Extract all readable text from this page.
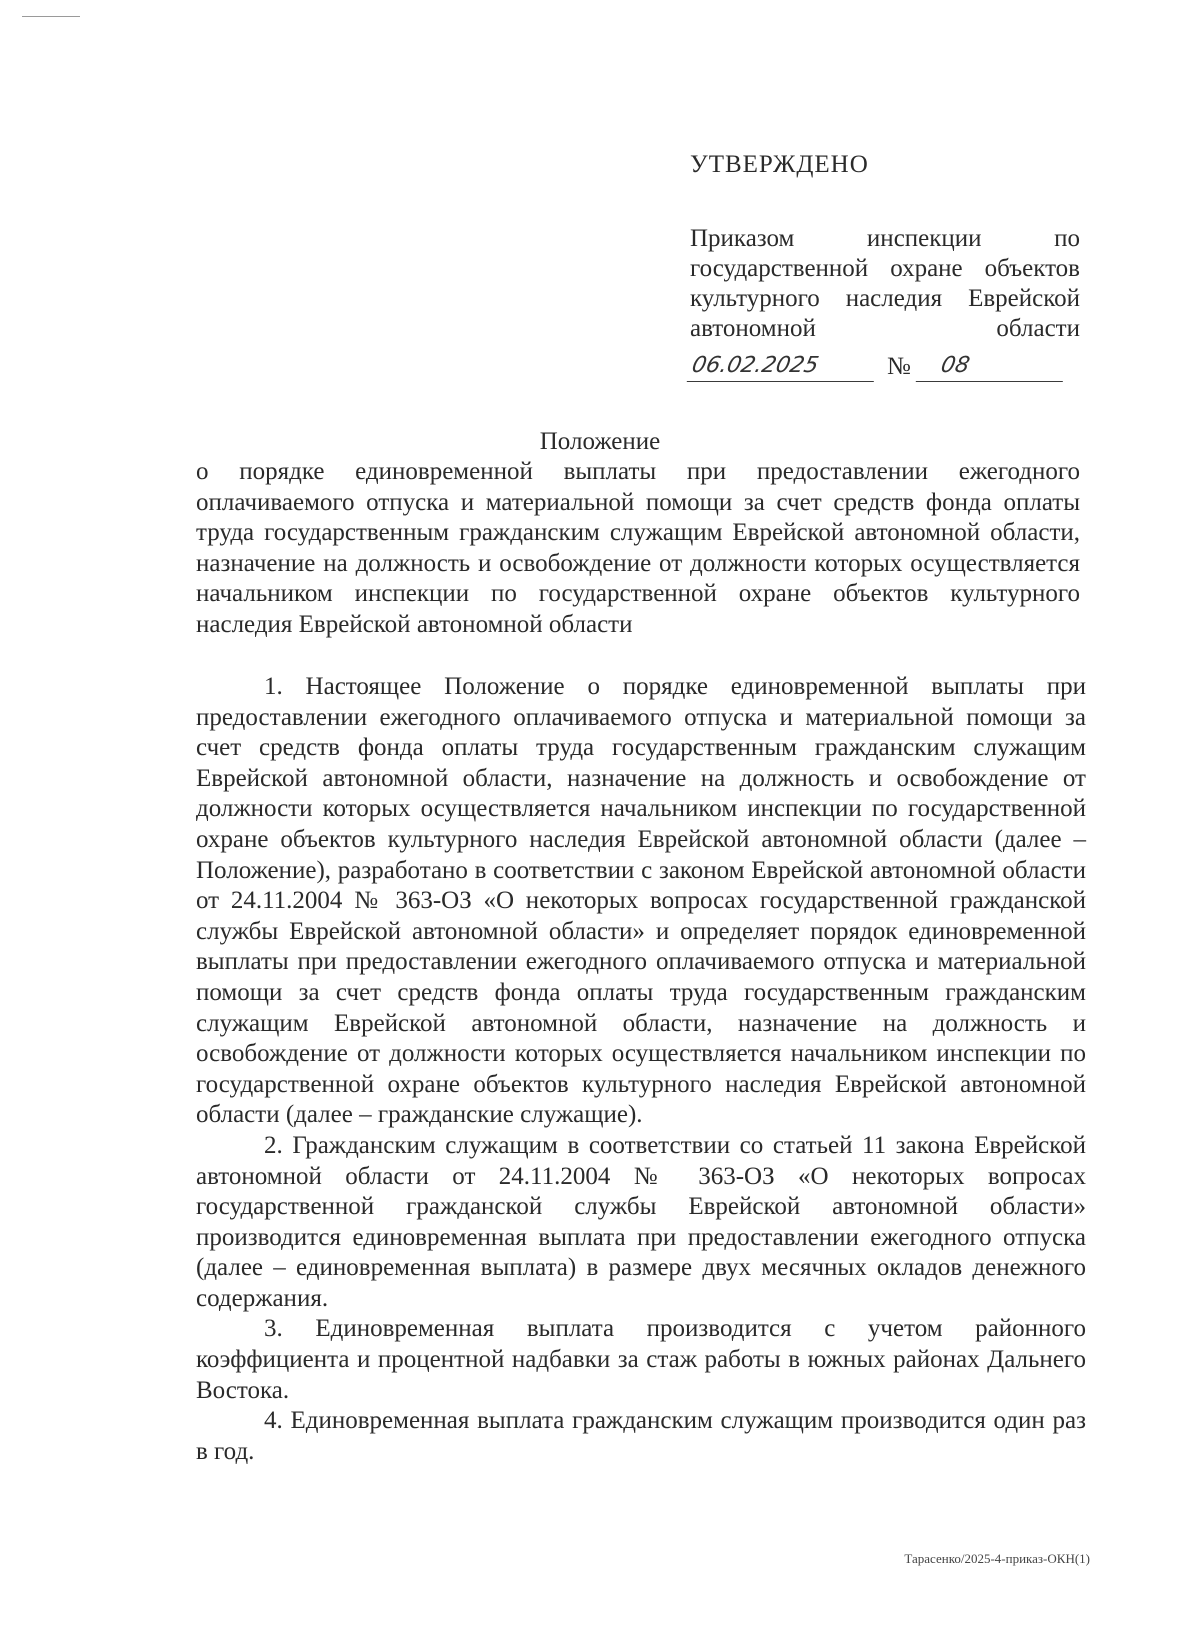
УТВЕРЖДЕНО
Приказом инспекции по
государственной охране объектов
культурного наследия Еврейской
автономной области
06.02.2025	№	08
Положение
о порядке единовременной выплаты при предоставлении ежегодного оплачиваемого отпуска и материальной помощи за счет средств фонда оплаты труда государственным гражданским служащим Еврейской автономной области, назначение на должность и освобождение от должности которых осуществляется начальником инспекции по государственной охране объектов культурного наследия Еврейской автономной области

1. Настоящее Положение о порядке единовременной выплаты при предоставлении ежегодного оплачиваемого отпуска и материальной помощи за счет средств фонда оплаты труда государственным гражданским служащим Еврейской автономной области, назначение на должность и освобождение от должности которых осуществляется начальником инспекции по государственной охране объектов культурного наследия Еврейской автономной области (далее – Положение), разработано в соответствии с законом Еврейской автономной области от 24.11.2004 № 363-ОЗ «О некоторых вопросах государственной гражданской службы Еврейской автономной области» и определяет порядок единовременной выплаты при предоставлении ежегодного оплачиваемого отпуска и материальной помощи за счет средств фонда оплаты труда государственным гражданским служащим Еврейской автономной области, назначение на должность и освобождение от должности которых осуществляется начальником инспекции по государственной охране объектов культурного наследия Еврейской автономной области (далее – гражданские служащие).

2. Гражданским служащим в соответствии со статьей 11 закона Еврейской автономной области от 24.11.2004 № 363-ОЗ «О некоторых вопросах государственной гражданской службы Еврейской автономной области» производится единовременная выплата при предоставлении ежегодного отпуска (далее – единовременная выплата) в размере двух месячных окладов денежного содержания.

3. Единовременная выплата производится с учетом районного коэффициента и процентной надбавки за стаж работы в южных районах Дальнего Востока.

4. Единовременная выплата гражданским служащим производится один раз в год.

Тарасенко/2025-4-приказ-ОКН(1)
